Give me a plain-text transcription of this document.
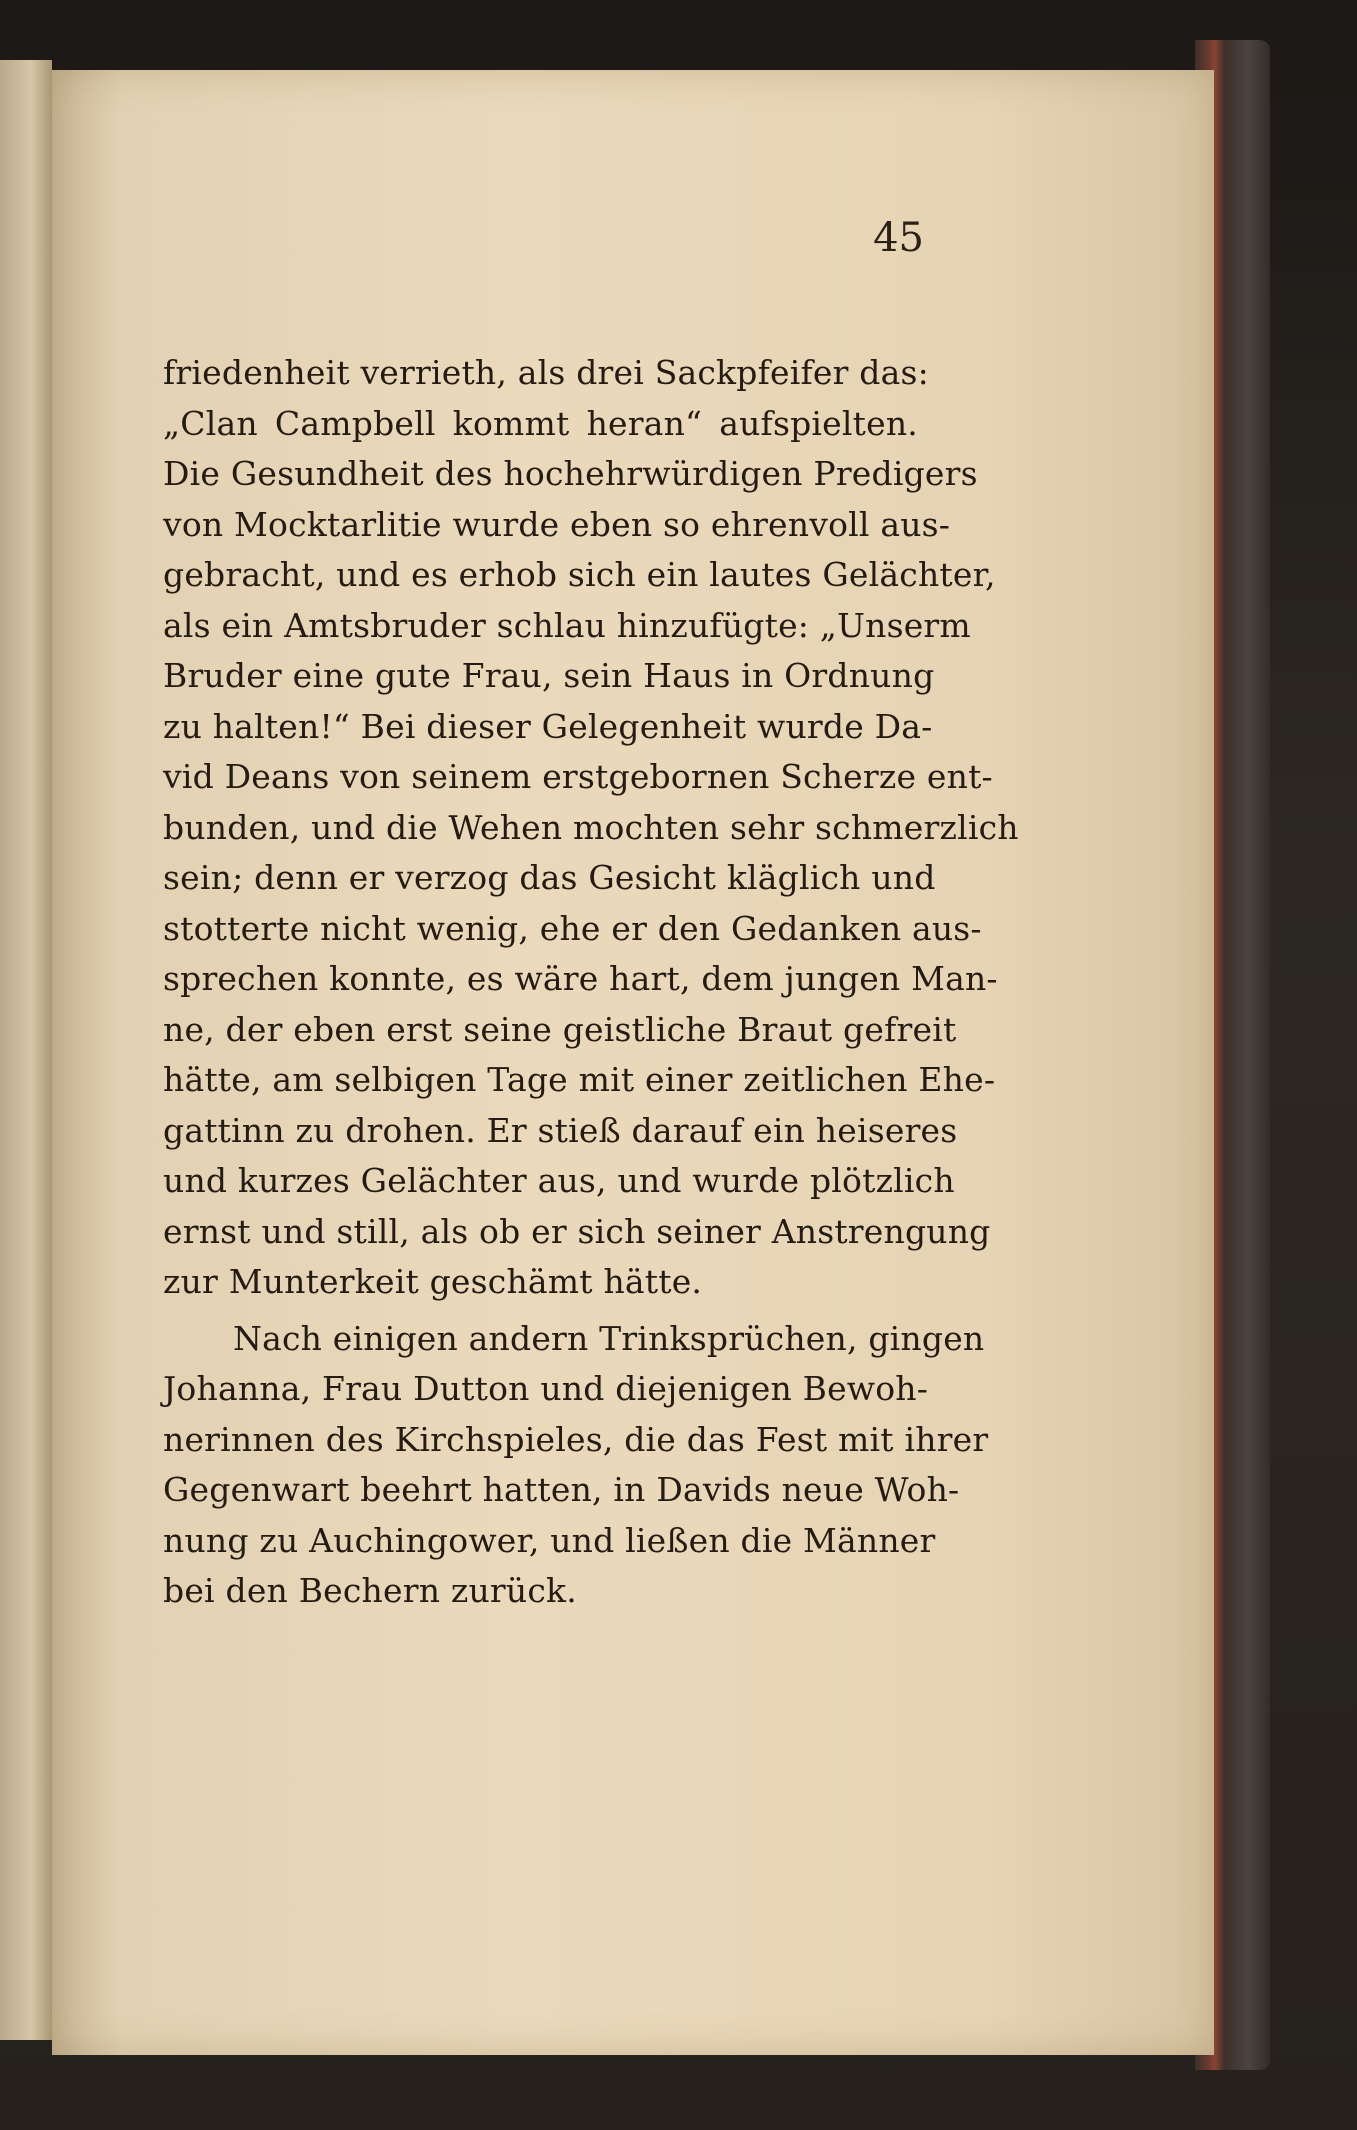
45
friedenheit verrieth, als drei Sackpfeifer das:
„Clan Campbell kommt heran“ aufspielten.
Die Gesundheit des hochehrwürdigen Predigers
von Mocktarlitie wurde eben so ehrenvoll aus-
gebracht, und es erhob sich ein lautes Gelächter,
als ein Amtsbruder schlau hinzufügte: „Unserm
Bruder eine gute Frau, sein Haus in Ordnung
zu halten!“ Bei dieser Gelegenheit wurde Da-
vid Deans von seinem erstgebornen Scherze ent-
bunden, und die Wehen mochten sehr schmerzlich
sein; denn er verzog das Gesicht kläglich und
stotterte nicht wenig, ehe er den Gedanken aus-
sprechen konnte, es wäre hart, dem jungen Man-
ne, der eben erst seine geistliche Braut gefreit
hätte, am selbigen Tage mit einer zeitlichen Ehe-
gattinn zu drohen. Er stieß darauf ein heiseres
und kurzes Gelächter aus, und wurde plötzlich
ernst und still, als ob er sich seiner Anstrengung
zur Munterkeit geschämt hätte.
Nach einigen andern Trinksprüchen, gingen
Johanna, Frau Dutton und diejenigen Bewoh-
nerinnen des Kirchspieles, die das Fest mit ihrer
Gegenwart beehrt hatten, in Davids neue Woh-
nung zu Auchingower, und ließen die Männer
bei den Bechern zurück.
